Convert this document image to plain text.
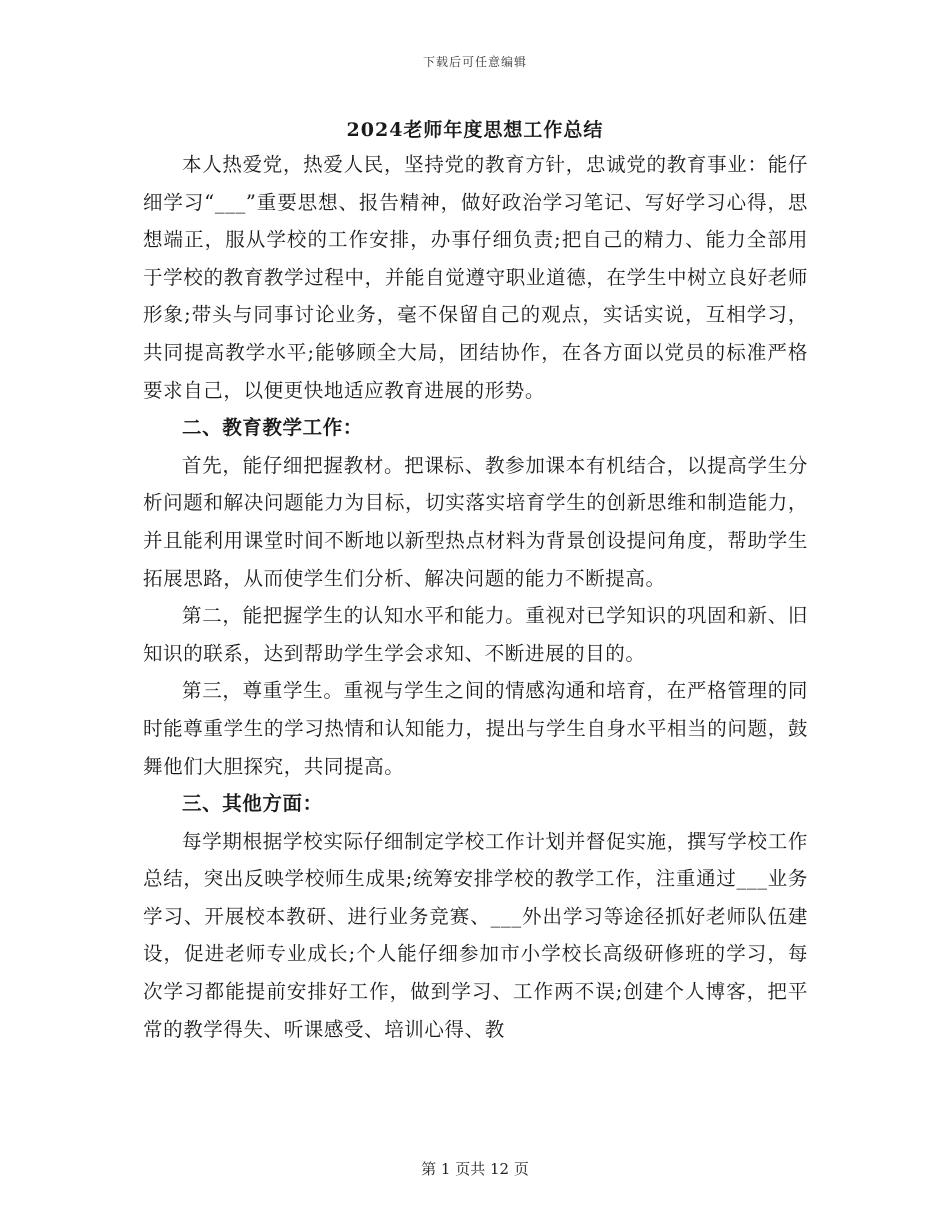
下载后可任意编辑
2024老师年度思想工作总结

本人热爱党，热爱人民，坚持党的教育方针，忠诚党的教育事业：能仔细学习“___”重要思想、报告精神，做好政治学习笔记、写好学习心得，思想端正，服从学校的工作安排，办事仔细负责;把自己的精力、能力全部用于学校的教育教学过程中，并能自觉遵守职业道德，在学生中树立良好老师形象;带头与同事讨论业务，毫不保留自己的观点，实话实说，互相学习，共同提高教学水平;能够顾全大局，团结协作，在各方面以党员的标准严格要求自己，以便更快地适应教育进展的形势。

二、教育教学工作：

首先，能仔细把握教材。把课标、教参加课本有机结合，以提高学生分析问题和解决问题能力为目标，切实落实培育学生的创新思维和制造能力，并且能利用课堂时间不断地以新型热点材料为背景创设提问角度，帮助学生拓展思路，从而使学生们分析、解决问题的能力不断提高。

第二，能把握学生的认知水平和能力。重视对已学知识的巩固和新、旧知识的联系，达到帮助学生学会求知、不断进展的目的。

第三，尊重学生。重视与学生之间的情感沟通和培育，在严格管理的同时能尊重学生的学习热情和认知能力，提出与学生自身水平相当的问题，鼓舞他们大胆探究，共同提高。

三、其他方面：

每学期根据学校实际仔细制定学校工作计划并督促实施，撰写学校工作总结，突出反映学校师生成果;统筹安排学校的教学工作，注重通过___业务学习、开展校本教研、进行业务竞赛、___外出学习等途径抓好老师队伍建设，促进老师专业成长;个人能仔细参加市小学校长高级研修班的学习，每次学习都能提前安排好工作，做到学习、工作两不误;创建个人博客，把平常的教学得失、听课感受、培训心得、教

第 1 页共 12 页
